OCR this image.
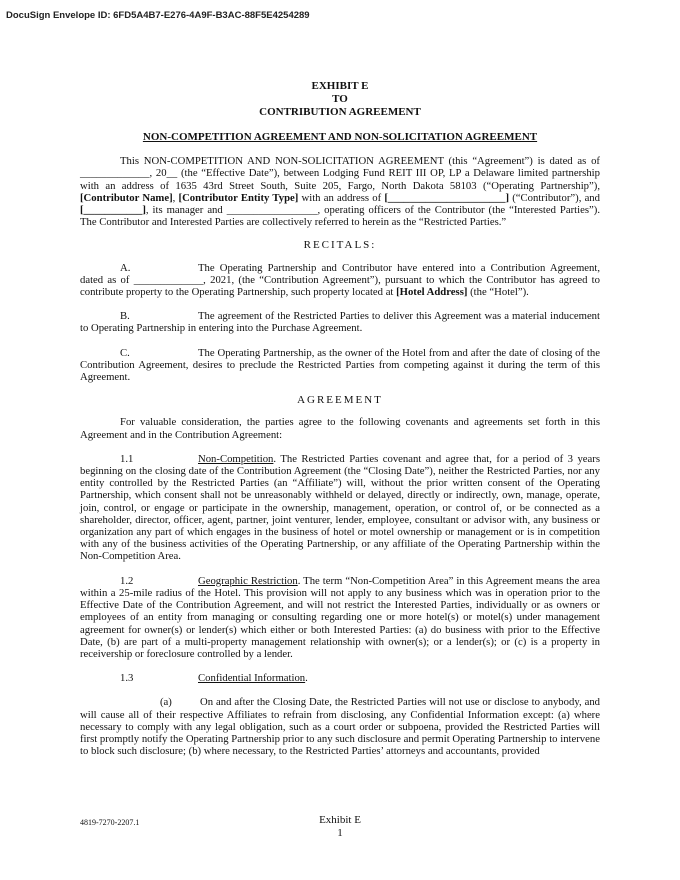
DocuSign Envelope ID: 6FD5A4B7-E276-4A9F-B3AC-88F5E4254289
EXHIBIT E
TO
CONTRIBUTION AGREEMENT
NON-COMPETITION AGREEMENT AND NON-SOLICITATION AGREEMENT

This NON-COMPETITION AND NON-SOLICITATION AGREEMENT (this “Agreement”) is dated as of _____________, 20__ (the “Effective Date”), between Lodging Fund REIT III OP, LP a Delaware limited partnership with an address of 1635 43rd Street South, Suite 205, Fargo, North Dakota 58103 (“Operating Partnership”), [Contributor Name], [Contributor Entity Type] with an address of [______________________] (“Contributor”), and [___________], its manager and _________________, operating officers of the Contributor (the “Interested Parties”). The Contributor and Interested Parties are collectively referred to herein as the “Restricted Parties.”

RECITALS:

A.	The Operating Partnership and Contributor have entered into a Contribution Agreement, dated as of _____________, 2021, (the “Contribution Agreement”), pursuant to which the Contributor has agreed to contribute property to the Operating Partnership, such property located at [Hotel Address] (the “Hotel”).

B.	The agreement of the Restricted Parties to deliver this Agreement was a material inducement to Operating Partnership in entering into the Purchase Agreement.

C.	The Operating Partnership, as the owner of the Hotel from and after the date of closing of the Contribution Agreement, desires to preclude the Restricted Parties from competing against it during the term of this Agreement.

AGREEMENT

For valuable consideration, the parties agree to the following covenants and agreements set forth in this Agreement and in the Contribution Agreement:

1.1	Non-Competition. The Restricted Parties covenant and agree that, for a period of 3 years beginning on the closing date of the Contribution Agreement (the “Closing Date”), neither the Restricted Parties, nor any entity controlled by the Restricted Parties (an “Affiliate”) will, without the prior written consent of the Operating Partnership, which consent shall not be unreasonably withheld or delayed, directly or indirectly, own, manage, operate, join, control, or engage or participate in the ownership, management, operation, or control of, or be connected as a shareholder, director, officer, agent, partner, joint venturer, lender, employee, consultant or advisor with, any business or organization any part of which engages in the business of hotel or motel ownership or management or is in competition with any of the business activities of the Operating Partnership, or any affiliate of the Operating Partnership within the Non-Competition Area.

1.2	Geographic Restriction. The term “Non-Competition Area” in this Agreement means the area within a 25-mile radius of the Hotel. This provision will not apply to any business which was in operation prior to the Effective Date of the Contribution Agreement, and will not restrict the Interested Parties, individually or as owners or employees of an entity from managing or consulting regarding one or more hotel(s) or motel(s) under management agreement for owner(s) or lender(s) which either or both Interested Parties: (a) do business with prior to the Effective Date, (b) are part of a multi-property management relationship with owner(s); or a lender(s); or (c) is a property in receivership or foreclosure controlled by a lender.

1.3	Confidential Information.

(a)	On and after the Closing Date, the Restricted Parties will not use or disclose to anybody, and will cause all of their respective Affiliates to refrain from disclosing, any Confidential Information except: (a) where necessary to comply with any legal obligation, such as a court order or subpoena, provided the Restricted Parties will first promptly notify the Operating Partnership prior to any such disclosure and permit Operating Partnership to intervene to block such disclosure; (b) where necessary, to the Restricted Parties’ attorneys and accountants, provided

4819-7270-2207.1	Exhibit E
1
